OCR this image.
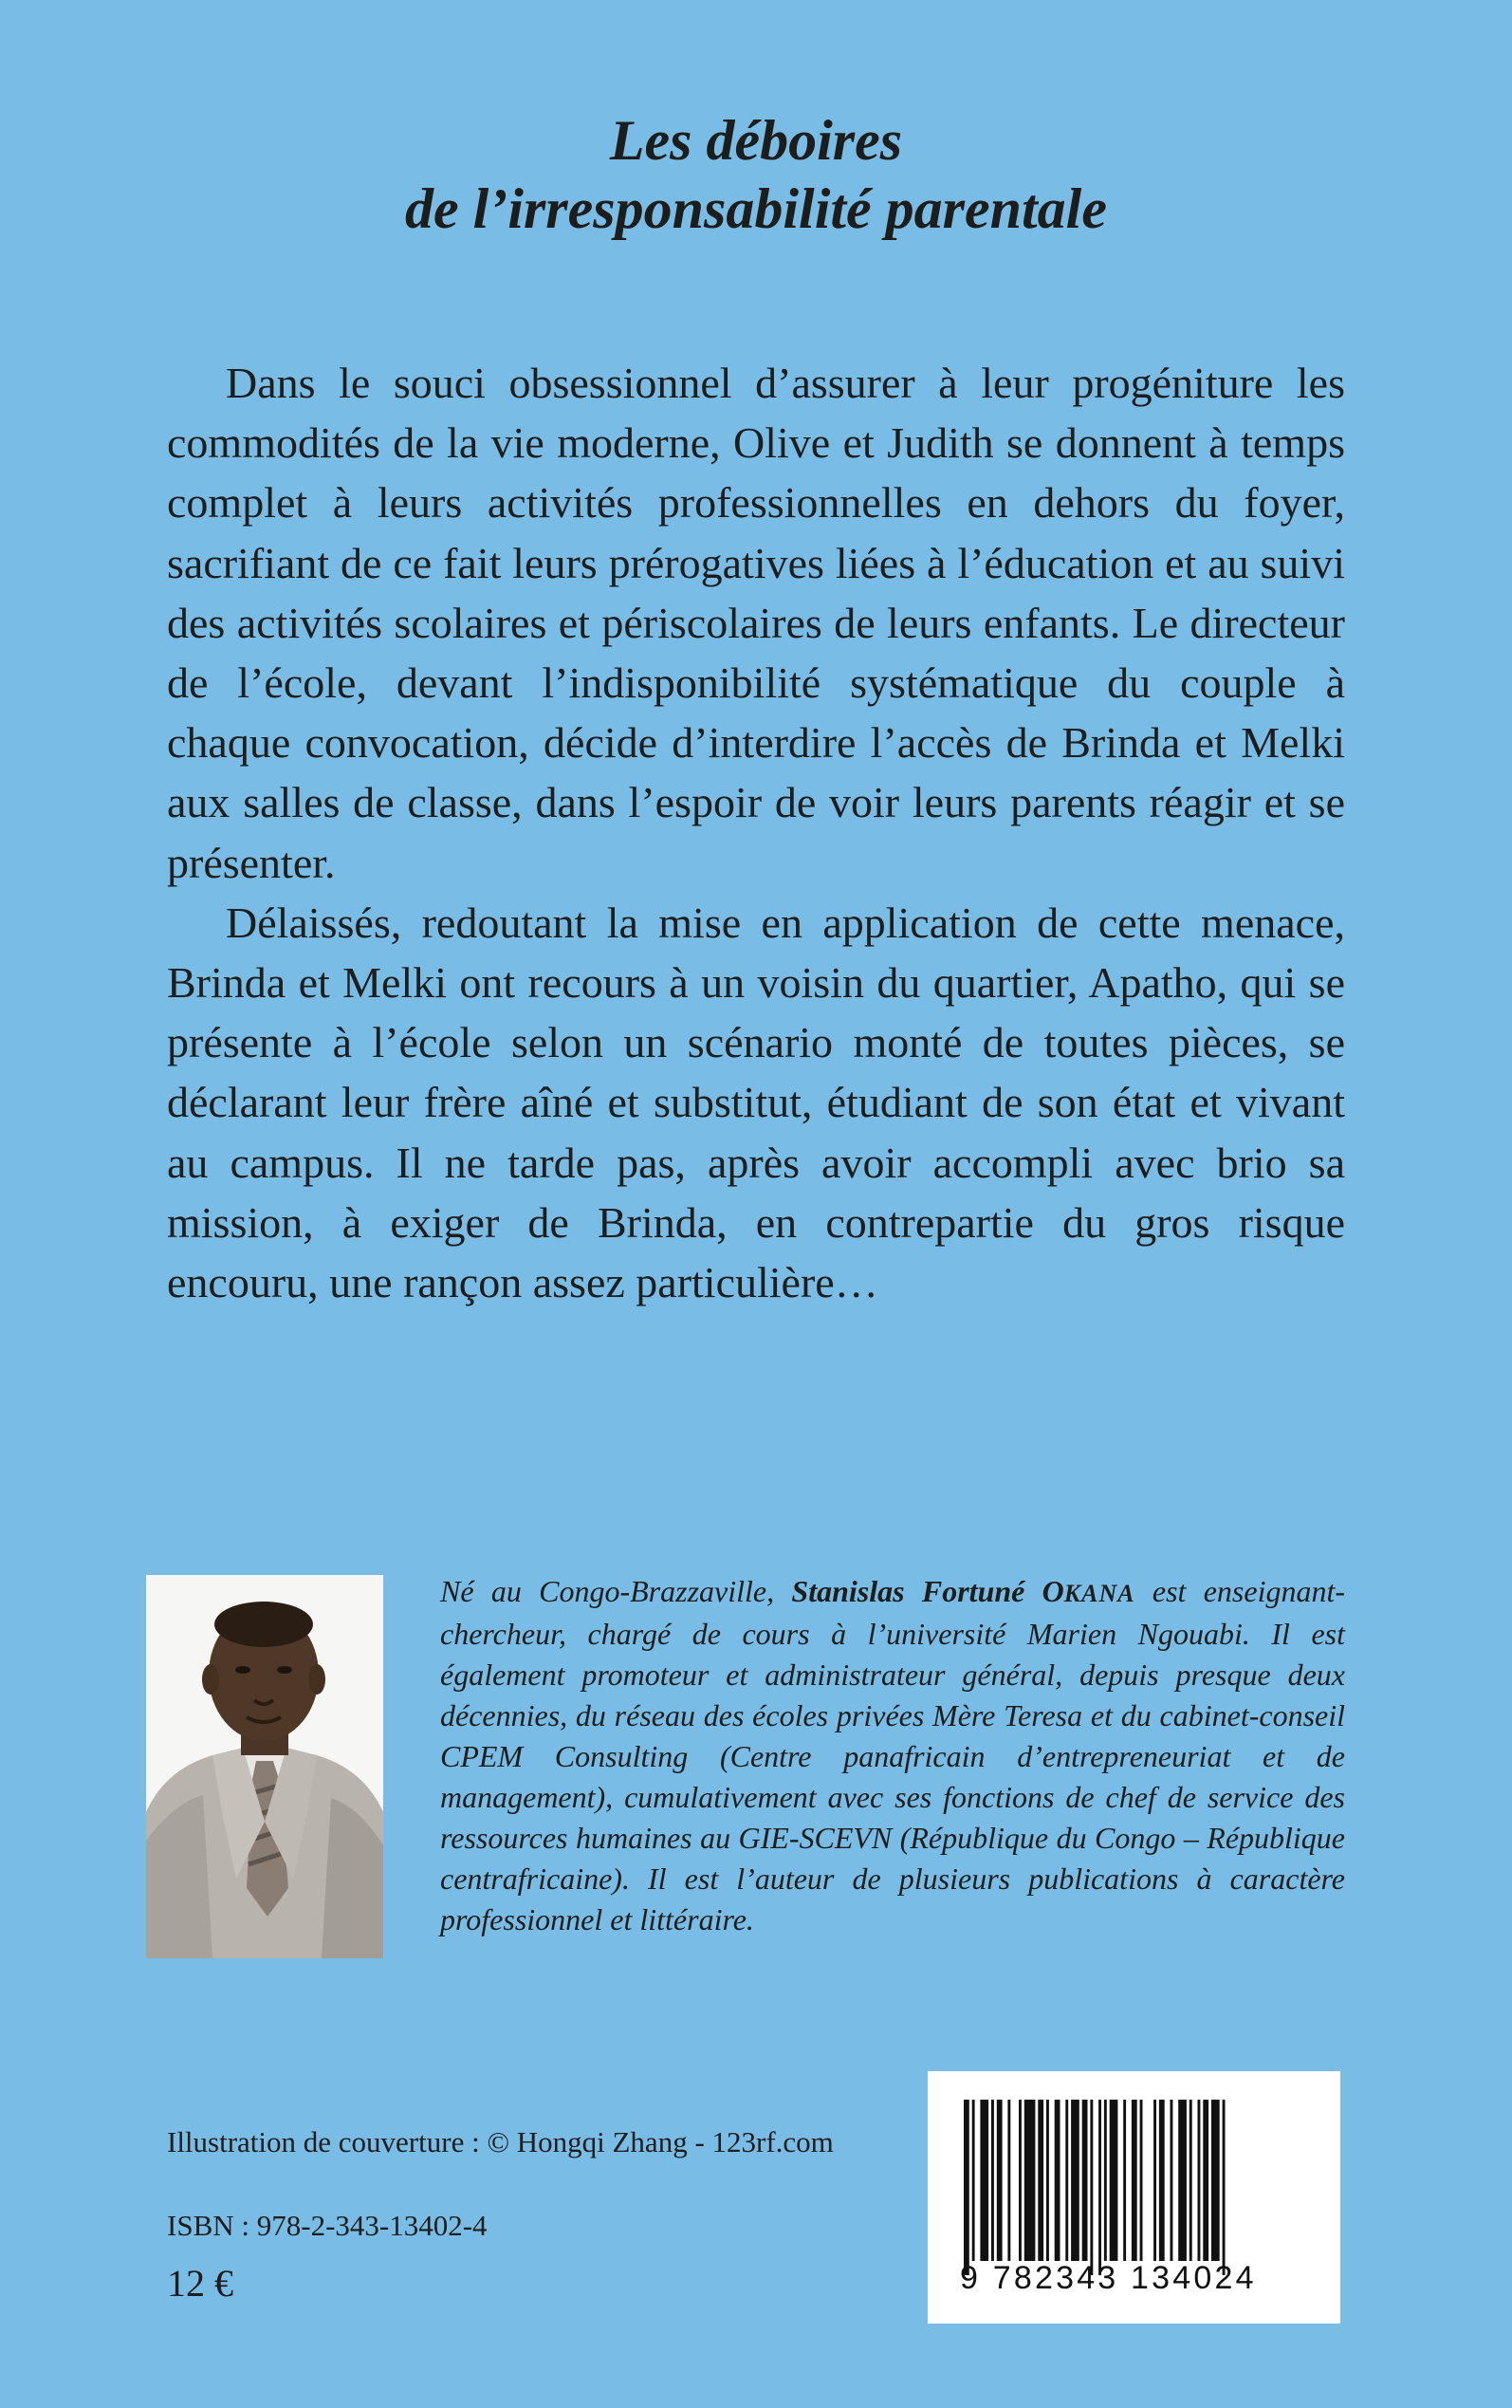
Les déboires
de l’irresponsabilité parentale

Dans le souci obsessionnel d’assurer à leur progéniture les commodités de la vie moderne, Olive et Judith se donnent à temps complet à leurs activités professionnelles en dehors du foyer, sacrifiant de ce fait leurs prérogatives liées à l’éducation et au suivi des activités scolaires et périscolaires de leurs enfants. Le directeur de l’école, devant l’indisponibilité systématique du couple à chaque convocation, décide d’interdire l’accès de Brinda et Melki aux salles de classe, dans l’espoir de voir leurs parents réagir et se présenter.

Délaissés, redoutant la mise en application de cette menace, Brinda et Melki ont recours à un voisin du quartier, Apatho, qui se présente à l’école selon un scénario monté de toutes pièces, se déclarant leur frère aîné et substitut, étudiant de son état et vivant au campus. Il ne tarde pas, après avoir accompli avec brio sa mission, à exiger de Brinda, en contrepartie du gros risque encouru, une rançon assez particulière…

Né au Congo-Brazzaville, Stanislas Fortuné OKANA est enseignant-chercheur, chargé de cours à l’université Marien Ngouabi. Il est également promoteur et administrateur général, depuis presque deux décennies, du réseau des écoles privées Mère Teresa et du cabinet-conseil CPEM Consulting (Centre panafricain d’entrepreneuriat et de management), cumulativement avec ses fonctions de chef de service des ressources humaines au GIE-SCEVN (République du Congo – République centrafricaine). Il est l’auteur de plusieurs publications à caractère professionnel et littéraire.
Illustration de couverture : © Hongqi Zhang - 123rf.com
ISBN : 978-2-343-13402-4
12 €	9 782343 134024
